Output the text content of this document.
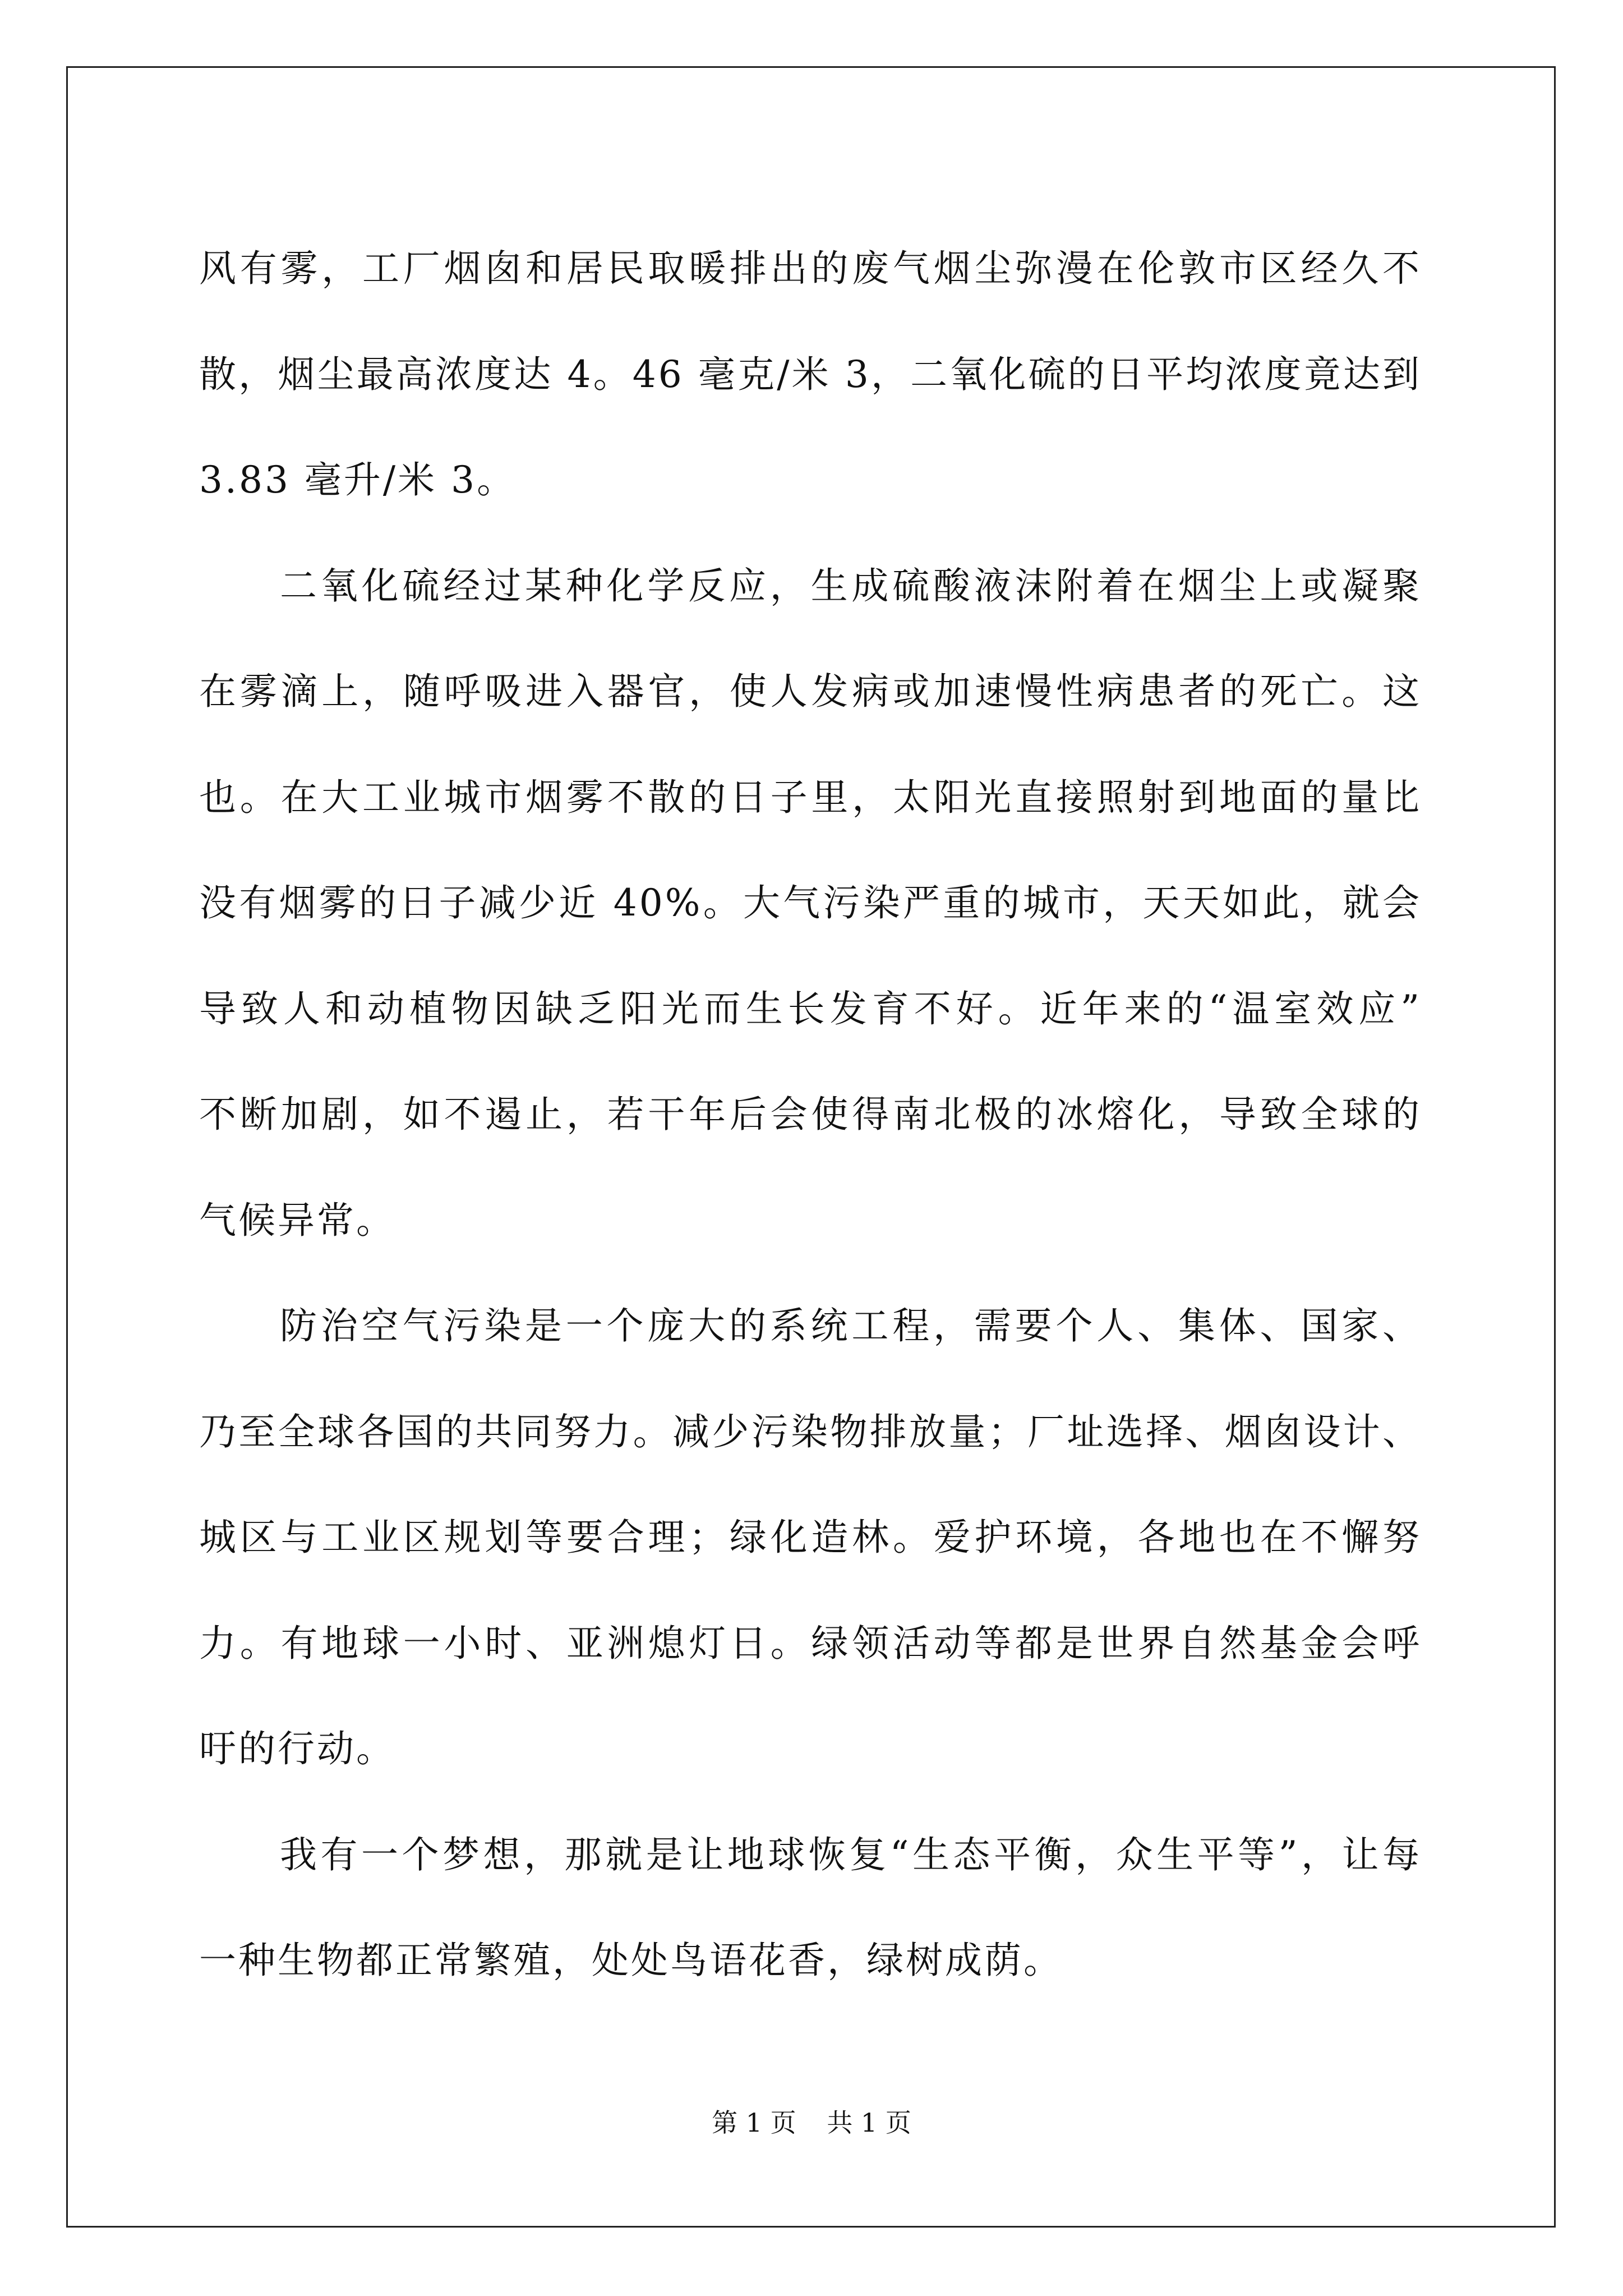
风有雾，工厂烟囱和居民取暖排出的废气烟尘弥漫在伦敦市区经久不
散，烟尘最高浓度达 4。46 毫克/米 3，二氧化硫的日平均浓度竟达到
3.83 毫升/米 3。

二氧化硫经过某种化学反应，生成硫酸液沫附着在烟尘上或凝聚
在雾滴上，随呼吸进入器官，使人发病或加速慢性病患者的死亡。这
也。在大工业城市烟雾不散的日子里，太阳光直接照射到地面的量比
没有烟雾的日子减少近 40%。大气污染严重的城市，天天如此，就会
导致人和动植物因缺乏阳光而生长发育不好。近年来的“温室效应”
不断加剧，如不遏止，若干年后会使得南北极的冰熔化，导致全球的
气候异常。

防治空气污染是一个庞大的系统工程，需要个人、集体、国家、
乃至全球各国的共同努力。减少污染物排放量；厂址选择、烟囱设计、
城区与工业区规划等要合理；绿化造林。爱护环境，各地也在不懈努
力。有地球一小时、亚洲熄灯日。绿领活动等都是世界自然基金会呼
吁的行动。

我有一个梦想，那就是让地球恢复“生态平衡，众生平等”，让每
一种生物都正常繁殖，处处鸟语花香，绿树成荫。

第 1 页 共 1 页
